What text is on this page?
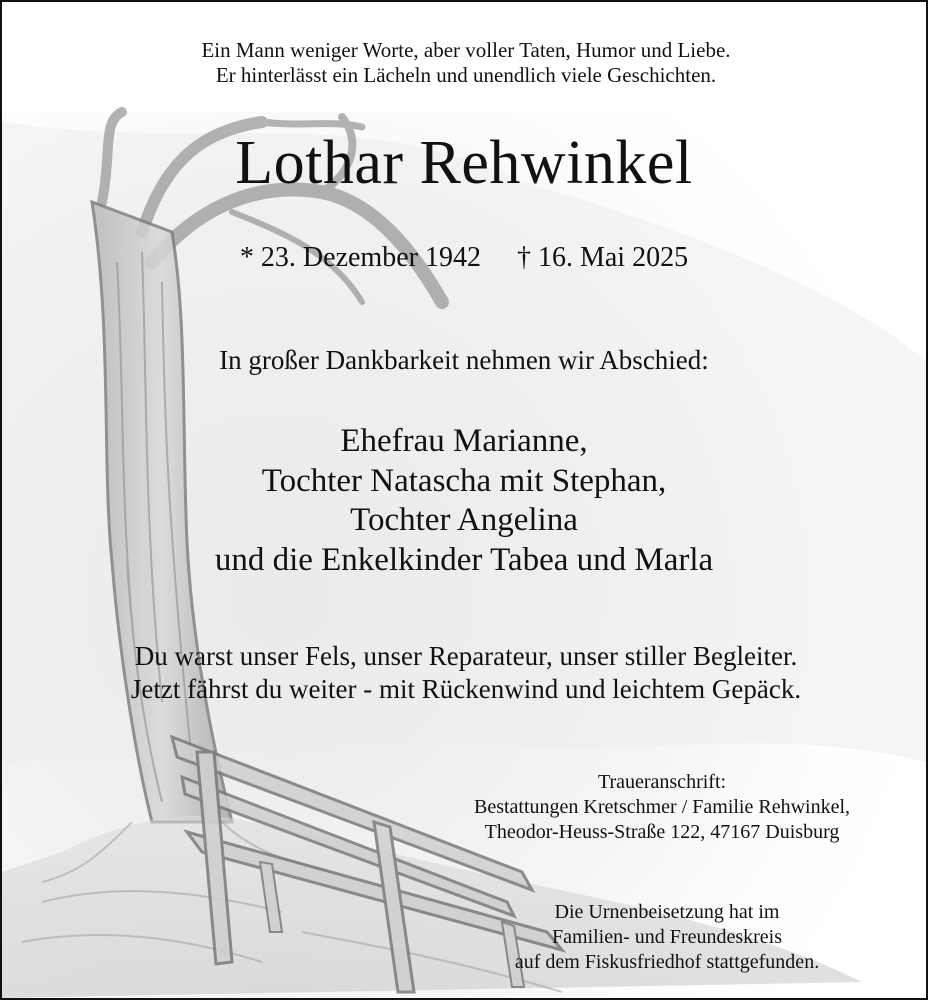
Ein Mann weniger Worte, aber voller Taten, Humor und Liebe.
Er hinterlässt ein Lächeln und unendlich viele Geschichten.
Lothar Rehwinkel
* 23. Dezember 1942 † 16. Mai 2025
In großer Dankbarkeit nehmen wir Abschied:
Ehefrau Marianne,
Tochter Natascha mit Stephan,
Tochter Angelina
und die Enkelkinder Tabea und Marla
Du warst unser Fels, unser Reparateur, unser stiller Begleiter.
Jetzt fährst du weiter - mit Rückenwind und leichtem Gepäck.
Traueranschrift:
Bestattungen Kretschmer / Familie Rehwinkel,
Theodor-Heuss-Straße 122, 47167 Duisburg
Die Urnenbeisetzung hat im
Familien- und Freundeskreis
auf dem Fiskusfriedhof stattgefunden.
